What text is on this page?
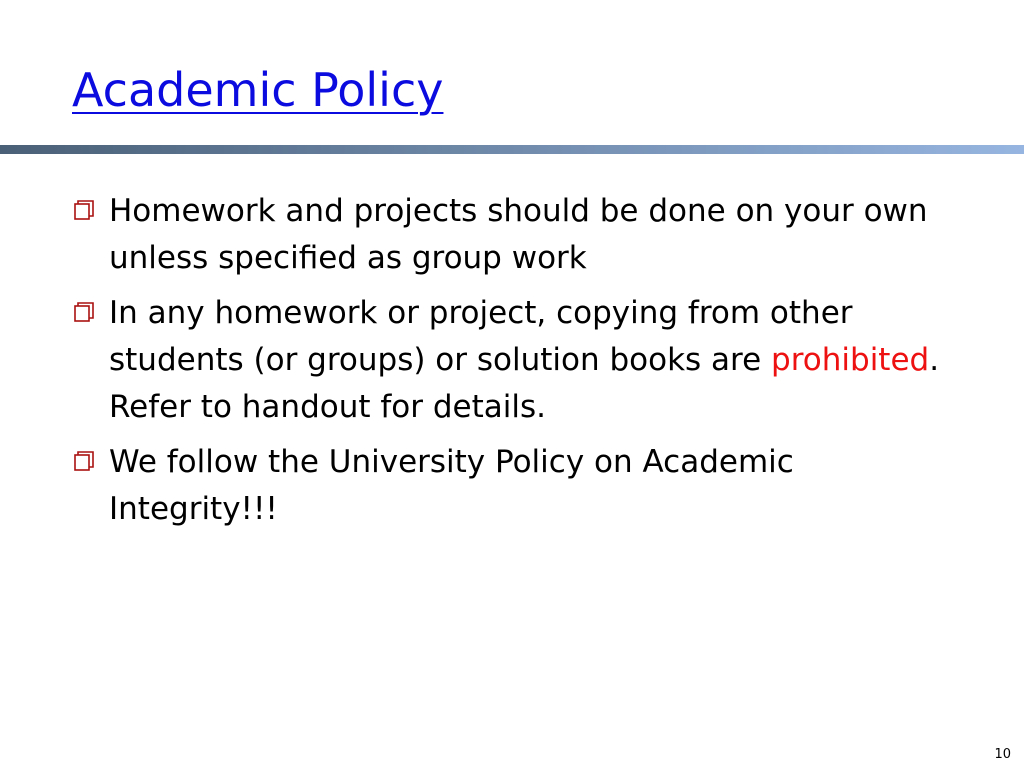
Academic Policy
Homework and projects should be done on your own unless specified as group work
In any homework or project, copying from other students (or groups) or solution books are prohibited. Refer to handout for details.
We follow the University Policy on Academic Integrity!!!
10
